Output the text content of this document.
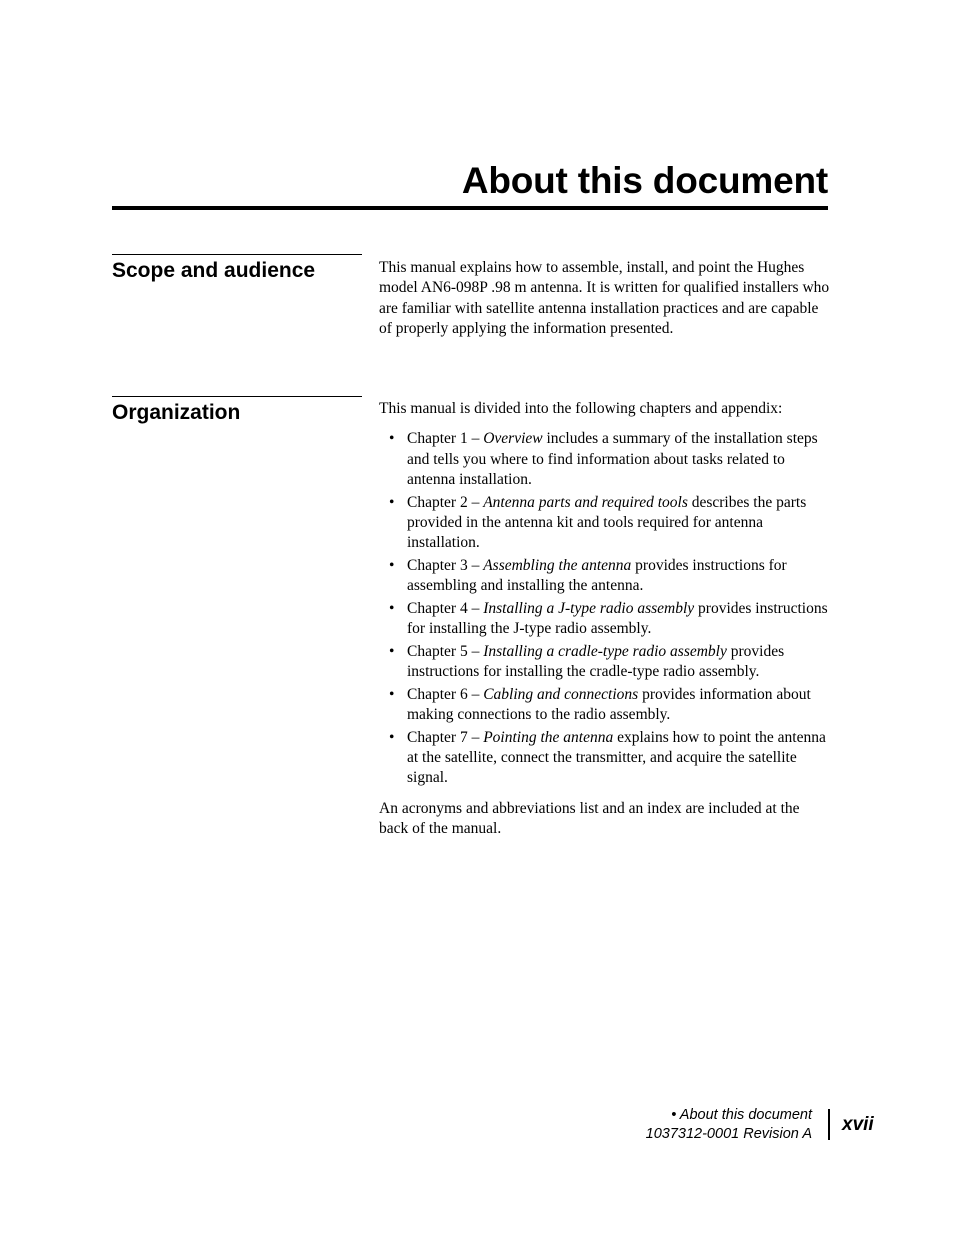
About this document
Scope and audience	This manual explains how to assemble, install, and point the Hughes model AN6-098P .98 m antenna. It is written for qualified installers who are familiar with satellite antenna installation practices and are capable of properly applying the information presented.

Organization	This manual is divided into the following chapters and appendix:

• Chapter 1 – Overview includes a summary of the installation steps and tells you where to find information about tasks related to antenna installation.
• Chapter 2 – Antenna parts and required tools describes the parts provided in the antenna kit and tools required for antenna installation.
• Chapter 3 – Assembling the antenna provides instructions for assembling and installing the antenna.
• Chapter 4 – Installing a J-type radio assembly provides instructions for installing the J-type radio assembly.
• Chapter 5 – Installing a cradle-type radio assembly provides instructions for installing the cradle-type radio assembly.
• Chapter 6 – Cabling and connections provides information about making connections to the radio assembly.
• Chapter 7 – Pointing the antenna explains how to point the antenna at the satellite, connect the transmitter, and acquire the satellite signal.

An acronyms and abbreviations list and an index are included at the back of the manual.

• About this document
1037312-0001 Revision A xvii
